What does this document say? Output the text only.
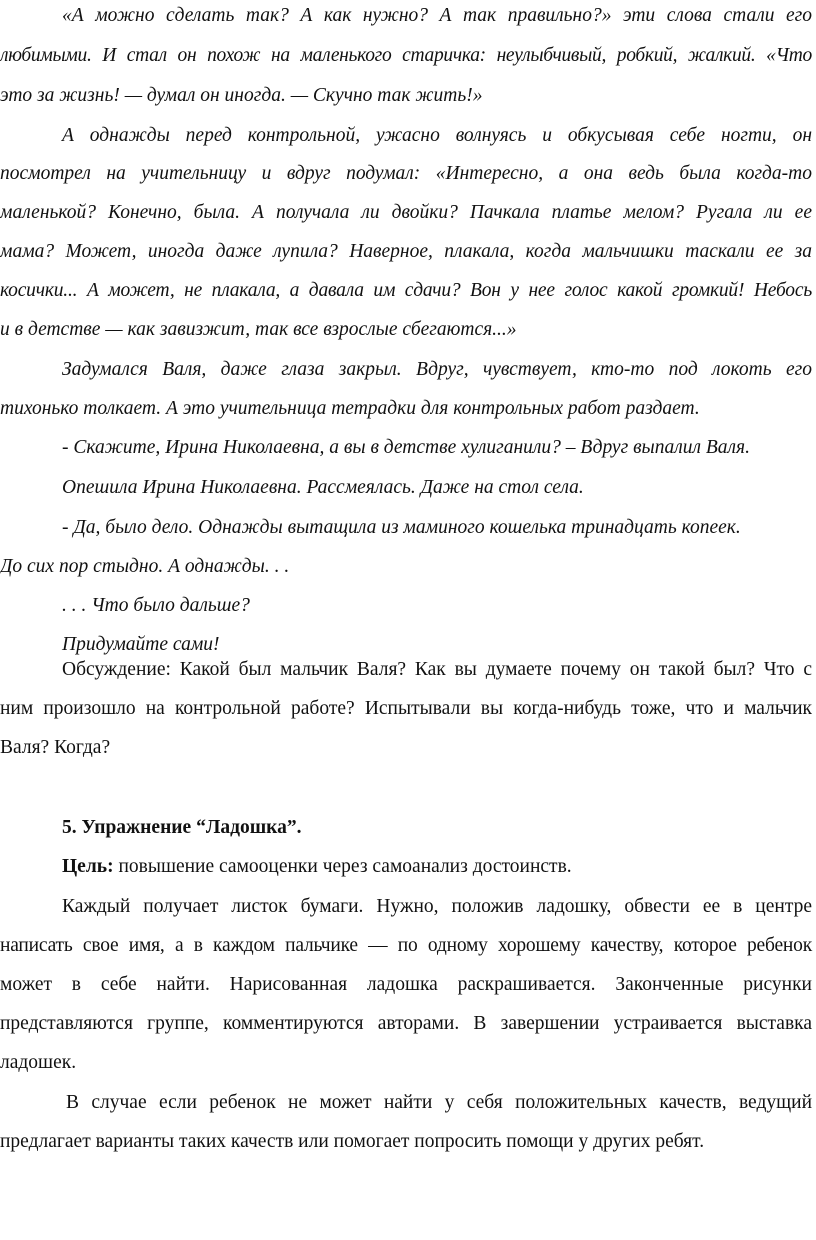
«А можно сделать так? А как нужно? А так правильно?» эти слова стали его
любимыми. И стал он похож на маленького старичка: неулыбчивый, робкий, жалкий. «Что
это за жизнь! — думал он иногда. — Скучно так жить!»
А однажды перед контрольной, ужасно волнуясь и обкусывая себе ногти, он
посмотрел на учительницу и вдруг подумал: «Интересно, а она ведь была когда-то
маленькой? Конечно, была. А получала ли двойки? Пачкала платье мелом? Ругала ли ее
мама? Может, иногда даже лупила? Наверное, плакала, когда мальчишки таскали ее за
косички... А может, не плакала, а давала им сдачи? Вон у нее голос какой громкий! Небось
и в детстве — как завизжит, так все взрослые сбегаются...»
Задумался Валя, даже глаза закрыл. Вдруг, чувствует, кто-то под локоть его
тихонько толкает. А это учительница тетрадки для контрольных работ раздает.
- Скажите, Ирина Николаевна, а вы в детстве хулиганили? – Вдруг выпалил Валя.
Опешила Ирина Николаевна. Рассмеялась. Даже на стол села.
- Да, было дело. Однажды вытащила из маминого кошелька тринадцать копеек.
До сих пор стыдно. А однажды. . .
. . . Что было дальше?
Придумайте сами!
Обсуждение: Какой был мальчик Валя? Как вы думаете почему он такой был? Что с
ним произошло на контрольной работе? Испытывали вы когда-нибудь тоже, что и мальчик
Валя? Когда?
5. Упражнение “Ладошка”.
Цель: повышение самооценки через самоанализ достоинств.
Каждый получает листок бумаги. Нужно, положив ладошку, обвести ее в центре
написать свое имя, а в каждом пальчике — по одному хорошему качеству, которое ребенок
может в себе найти. Нарисованная ладошка раскрашивается. Законченные рисунки
представляются группе, комментируются авторами. В завершении устраивается выставка
ладошек.
В случае если ребенок не может найти у себя положительных качеств, ведущий
предлагает варианты таких качеств или помогает попросить помощи у других ребят.
